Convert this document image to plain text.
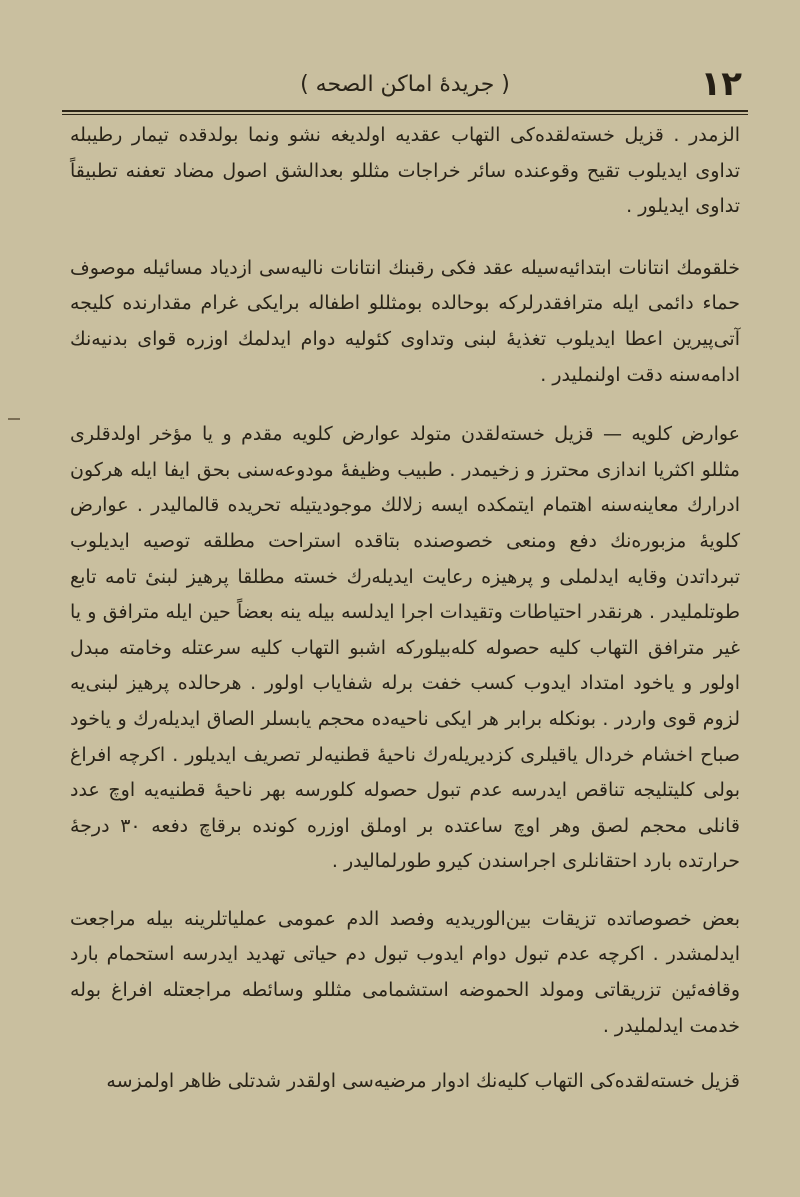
( جریدهٔ اماکن الصحه )	۱۲

الزمدر . قزیل خسته‌لقده‌کی التهاب عقدیه اولدیغه نشو ونما بولدقده تیمار رطیبله تداوی ایدیلوب تقیح وقوعنده سائر خراجات مثللو بعدالشق اصول مضاد تعفنه تطبیقاً تداوی ایدیلور .

خلقومك انتانات ابتدائیه‌سیله عقد فکی رقبنك انتانات نالیه‌سی ازدیاد مسائیله موصوف حماء دائمی ایله مترافقدرلرکه بوحالده بومثللو اطفاله برایکی غرام مقدارنده کلیجه آتی‌پیرین اعطا ایدیلوب تغذیهٔ لبنی وتداوی کئولیه دوام ایدلمك اوزره قوای بدنیه‌نك ادامه‌سنه دقت اولنملیدر .

عوارض کلویه — قزیل خسته‌لقدن متولد عوارض کلویه مقدم و یا مؤخر اولدقلری مثللو اکثریا اندازی محترز و زخیمدر . طبیب وظیفهٔ مودوعه‌سنی بحق ایفا ایله هرکون ادرارك معاینه‌سنه اهتمام ایتمکده ایسه زلالك موجودیتیله تحریده قالمالیدر . عوارض کلویهٔ مزبوره‌نك دفع ومنعی خصوصنده بتاقده استراحت مطلقه توصیه ایدیلوب تبرداتدن وقایه ایدلملی و پرهیزه رعایت ایدیله‌رك خسته مطلقا پرهیز لبنیٔ تامه تابع طوتلملیدر . هرنقدر احتیاطات وتقیدات اجرا ایدلسه بیله ینه بعضاً حین ایله مترافق و یا غیر مترافق التهاب کلیه حصوله کله‌بیلورکه اشبو التهاب کلیه سرعتله وخامته مبدل اولور و یاخود امتداد ایدوب کسب خفت برله شفایاب اولور . هرحالده پرهیز لبنی‌یه لزوم قوی واردر . بونکله برابر هر ایکی ناحیه‌ده محجم یابسلر الصاق ایدیله‌رك و یاخود صباح اخشام خردال یاقیلری کزدیریله‌رك ناحیهٔ قطنیه‌لر تصریف ایدیلور . اکرچه افراغ بولی کلیتلیجه تناقص ایدرسه عدم تبول حصوله کلورسه بهر ناحیهٔ قطنیه‌یه اوچ عدد قانلی محجم لصق وهر اوچ ساعتده بر اوملق اوزره کوندە برقاچ دفعه ۳۰ درجهٔ حرارتده بارد احتقانلری اجراسندن کیرو طورلمالیدر .

بعض خصوصاتده تزیقات بین‌الوریدیه وفصد الدم عمومی عملیاتلرینه بیله مراجعت ایدلمشدر . اکرچه عدم تبول دوام ایدوب تبول دم حیاتی تهدید ایدرسه استحمام بارد وقافه‌ئین تزریقاتی ومولد الحموضه استشمامی مثللو وسائطه مراجعتله افراغ بوله خدمت ایدلملیدر .

قزیل خسته‌لقده‌کی التهاب کلیه‌نك ادوار مرضیه‌سی اولقدر شدتلی ظاهر اولمزسه
